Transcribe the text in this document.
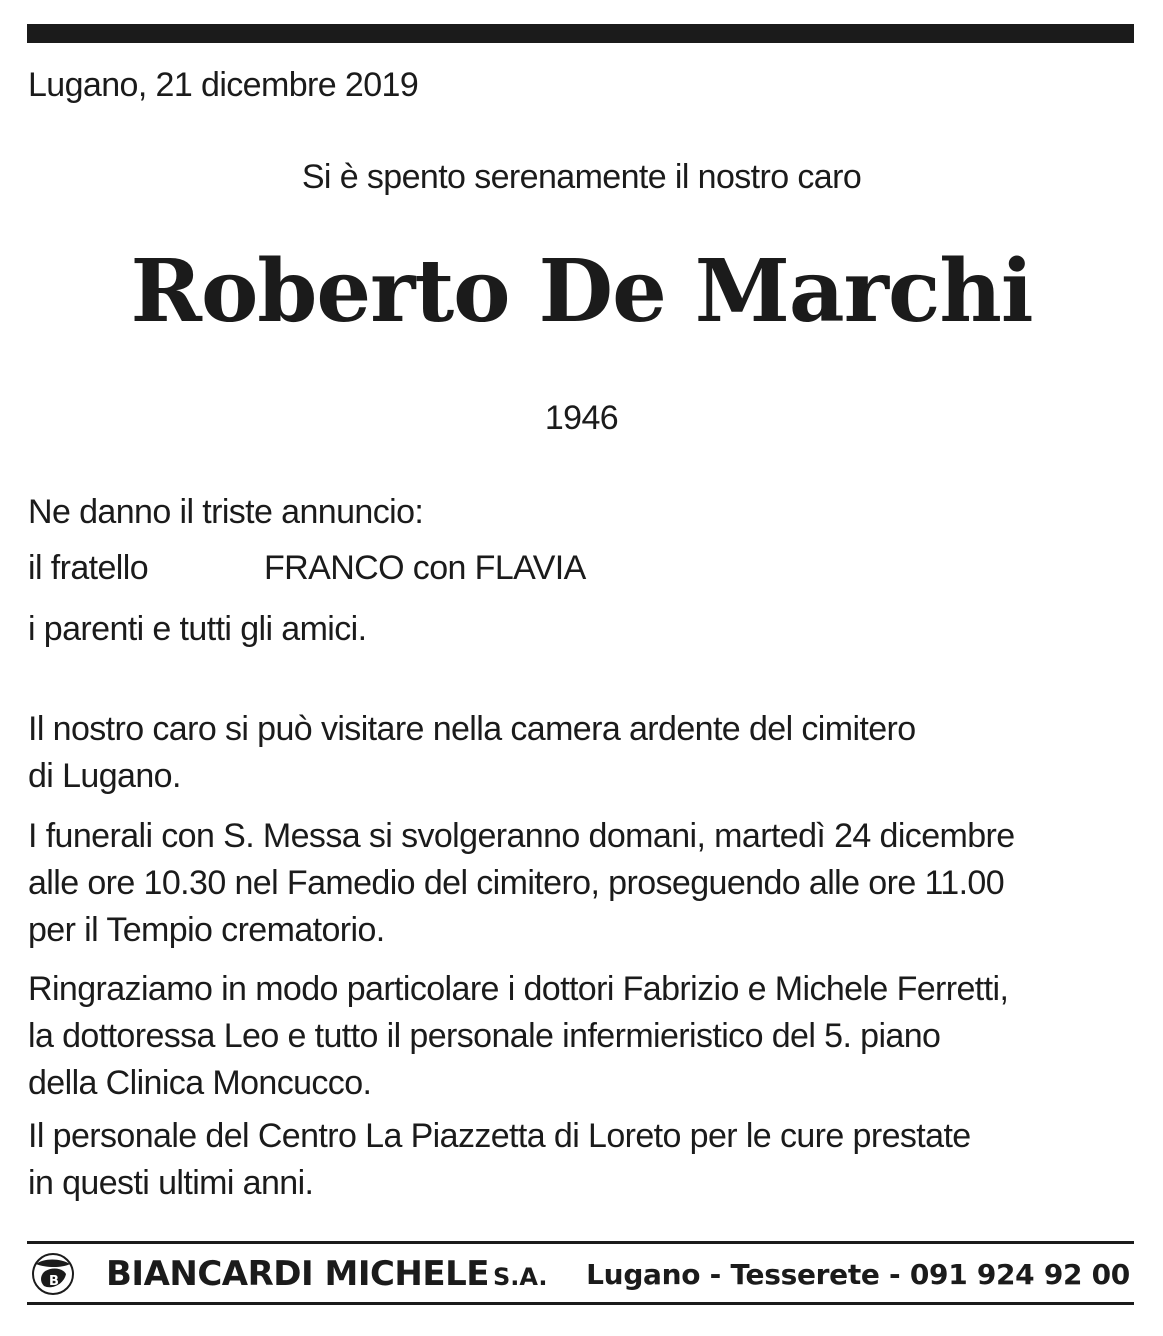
Lugano, 21 dicembre 2019
Si è spento serenamente il nostro caro
Roberto De Marchi
1946
Ne danno il triste annuncio:
il fratello	FRANCO con FLAVIA
i parenti e tutti gli amici.
Il nostro caro si può visitare nella camera ardente del cimitero
di Lugano.
I funerali con S. Messa si svolgeranno domani, martedì 24 dicembre
alle ore 10.30 nel Famedio del cimitero, proseguendo alle ore 11.00
per il Tempio crematorio.
Ringraziamo in modo particolare i dottori Fabrizio e Michele Ferretti,
la dottoressa Leo e tutto il personale infermieristico del 5. piano
della Clinica Moncucco.
Il personale del Centro La Piazzetta di Loreto per le cure prestate
in questi ultimi anni.
B BIANCARDI MICHELE S.A. Lugano - Tesserete - 091 924 92 00
